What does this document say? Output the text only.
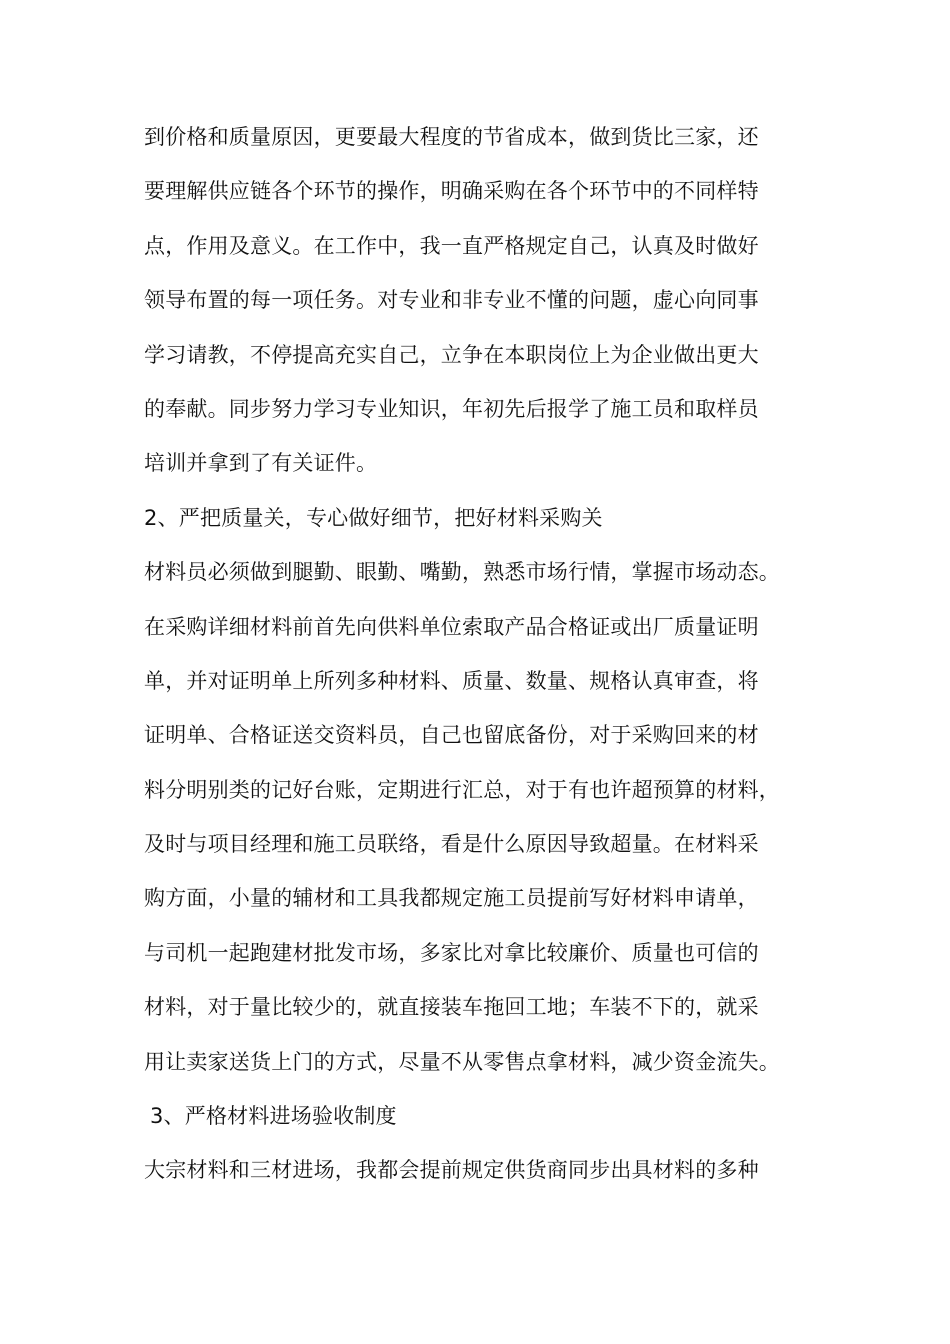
到价格和质量原因，更要最大程度的节省成本，做到货比三家，还
要理解供应链各个环节的操作，明确采购在各个环节中的不同样特
点，作用及意义。在工作中，我一直严格规定自己，认真及时做好
领导布置的每一项任务。对专业和非专业不懂的问题，虚心向同事
学习请教，不停提高充实自己，立争在本职岗位上为企业做出更大
的奉献。同步努力学习专业知识，年初先后报学了施工员和取样员
培训并拿到了有关证件。
2、严把质量关，专心做好细节，把好材料采购关
材料员必须做到腿勤、眼勤、嘴勤，熟悉市场行情，掌握市场动态。
在采购详细材料前首先向供料单位索取产品合格证或出厂质量证明
单，并对证明单上所列多种材料、质量、数量、规格认真审查，将
证明单、合格证送交资料员，自己也留底备份，对于采购回来的材
料分明别类的记好台账，定期进行汇总，对于有也许超预算的材料，
及时与项目经理和施工员联络，看是什么原因导致超量。在材料采
购方面，小量的辅材和工具我都规定施工员提前写好材料申请单，
与司机一起跑建材批发市场，多家比对拿比较廉价、质量也可信的
材料，对于量比较少的，就直接装车拖回工地；车装不下的，就采
用让卖家送货上门的方式，尽量不从零售点拿材料，减少资金流失。
3、严格材料进场验收制度
大宗材料和三材进场，我都会提前规定供货商同步出具材料的多种
